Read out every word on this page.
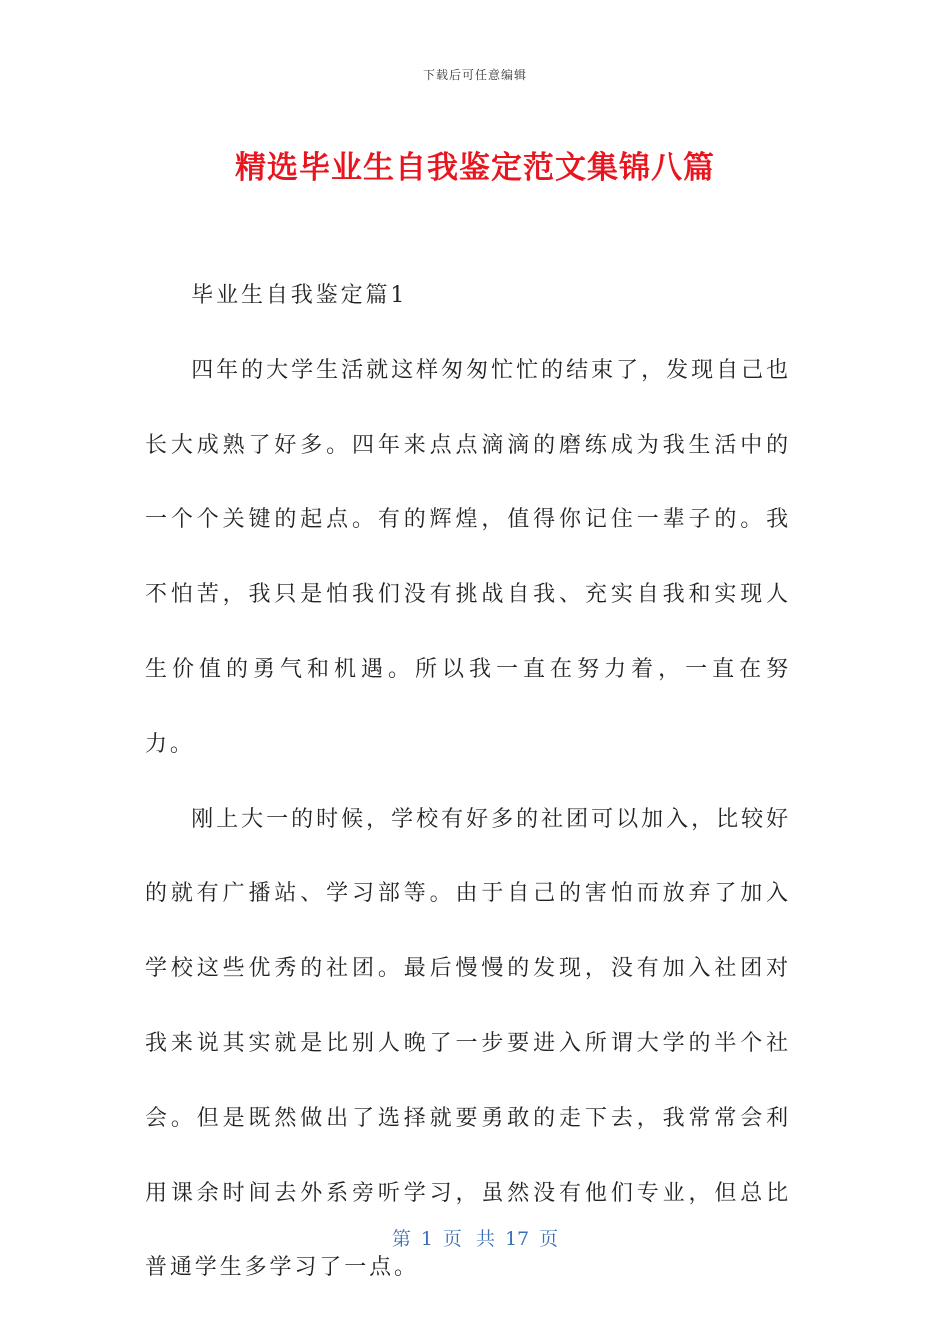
下载后可任意编辑
精选毕业生自我鉴定范文集锦八篇

毕业生自我鉴定篇1

四年的大学生活就这样匆匆忙忙的结束了，发现自己也长大成熟了好多。四年来点点滴滴的磨练成为我生活中的一个个关键的起点。有的辉煌，值得你记住一辈子的。我不怕苦，我只是怕我们没有挑战自我、充实自我和实现人生价值的勇气和机遇。所以我一直在努力着，一直在努力。

刚上大一的时候，学校有好多的社团可以加入，比较好的就有广播站、学习部等。由于自己的害怕而放弃了加入学校这些优秀的社团。最后慢慢的发现，没有加入社团对我来说其实就是比别人晚了一步要进入所谓大学的半个社会。但是既然做出了选择就要勇敢的走下去，我常常会利用课余时间去外系旁听学习，虽然没有他们专业，但总比普通学生多学习了一点。

第 1 页 共 17 页
